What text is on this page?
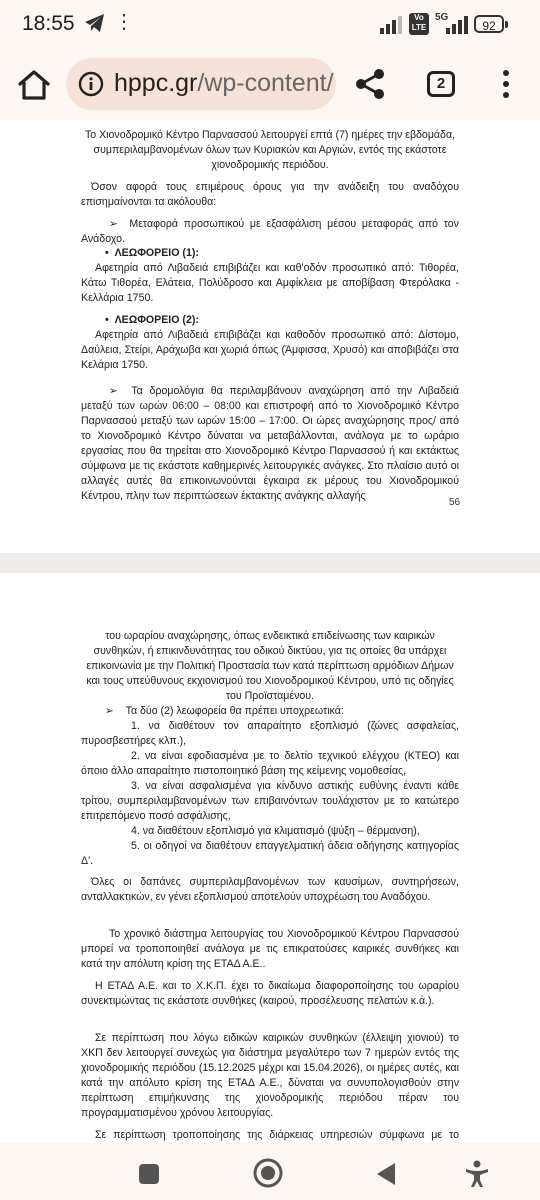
18:55 ⋮	Vo LTE
5G
92
hppc.gr/wp-content/	2

Το Χιονοδρομικό Κέντρο Παρνασσού λειτουργεί επτά (7) ημέρες την εβδομάδα, συμπεριλαμβανομένων όλων των Κυριακών και Αργιών, εντός της εκάστοτε χιονοδρομικής περιόδου.

Όσον αφορά τους επιμέρους όρους για την ανάδειξη του αναδόχου επισημαίνονται τα ακόλουθα:

➢  Μεταφορά προσωπικού με εξασφάλιση μέσου μεταφοράς από τον Ανάδοχο.

•  ΛΕΩΦΟΡΕΙΟ (1):

Αφετηρία από Λιβαδειά επιβιβάζει και καθ'οδόν προσωπικό από: Τιθορέα, Κάτω Τιθορέα, Ελάτεια, Πολύδροσο και Αμφίκλεια με αποβίβαση Φτερόλακα - Κελλάρια 1750.

•  ΛΕΩΦΟΡΕΙΟ (2):

Αφετηρία από Λιβαδειά επιβιβάζει και καθοδόν προσωπικό από: Δίστομο, Δαύλεια, Στείρι, Αράχωβα και χωριά όπως (Άμφισσα, Χρυσό) και αποβιβάζει στα Κελάρια 1750.

➢  Τα δρομολόγια θα περιλαμβάνουν αναχώρηση από την Λιβαδειά μεταξύ των ωρών 06:00 – 08:00 και επιστροφή από το Χιονοδρομικό Κέντρο Παρνασσού μεταξύ των ωρών 15:00 – 17:00. Οι ώρες αναχώρησης προς/ από το Χιονοδρομικό Κέντρο δύναται να μεταβάλλονται, ανάλογα με το ωράριο εργασίας που θα τηρείται στο Χιονοδρομικό Κέντρο Παρνασσού ή και εκτάκτως σύμφωνα με τις εκάστοτε καθημερινές λειτουργικές ανάγκες. Στο πλαίσιο αυτό οι αλλαγές αυτές θα επικοινωνούνται έγκαιρα εκ μέρους του Χιονοδρομικού Κέντρου, πλην των περιπτώσεων έκτακτης ανάγκης αλλαγής

56

του ωραρίου αναχώρησης, όπως ενδεικτικά επιδείνωσης των καιρικών συνθηκών, ή επικινδυνότητας του οδικού δικτύου, για τις οποίες θα υπάρχει επικοινωνία με την Πολιτική Προστασία των κατά περίπτωση αρμόδιων Δήμων και τους υπεύθυνους εκχιονισμού του Χιονοδρομικού Κέντρου, υπό τις οδηγίες του Προϊσταμένου.

➢    Τα δύο (2) λεωφορεία θα πρέπει υποχρεωτικά:

1. να διαθέτουν τον απαραίτητο εξοπλισμό (ζώνες ασφαλείας, πυροσβεστήρες κλπ.),

2. να είναι εφοδιασμένα με το δελτίο τεχνικού ελέγχου (ΚΤΕΟ) και όποιο άλλο απαραίτητο πιστοποιητικό βάση της κείμενης νομοθεσίας,

3. να είναι ασφαλισμένα για κίνδυνο αστικής ευθύνης έναντι κάθε τρίτου, συμπεριλαμβανομένων των επιβαινόντων τουλάχιστον με το κατώτερο επιτρεπόμενο ποσό ασφάλισης,

4. να διαθέτουν εξοπλισμό για κλιματισμό (ψύξη – θέρμανση),

5. οι οδηγοί να διαθέτουν επαγγελματική άδεια οδήγησης κατηγορίας Δ'.

Όλες οι δαπάνες συμπεριλαμβανομένων των καυσίμων, συντηρήσεων, ανταλλακτικών, εν γένει εξοπλισμού αποτελούν υποχρέωση του Αναδόχου.

Το χρονικό διάστημα λειτουργίας του Χιονοδρομικού Κέντρου Παρνασσού μπορεί να τροποποιηθεί ανάλογα με τις επικρατούσες καιρικές συνθήκες και κατά την απόλυτη κρίση της ΕΤΑΔ Α.Ε..

Η ΕΤΑΔ Α.Ε. και το Χ.Κ.Π. έχει το δικαίωμα διαφοροποίησης του ωραρίου συνεκτιμώντας τις εκάστοτε συνθήκες (καιρού, προσέλευσης πελατών κ.ά.).

Σε περίπτωση που λόγω ειδικών καιρικών συνθηκών (έλλειψη χιονιού) το ΧΚΠ δεν λειτουργεί συνεχώς για διάστημα μεγαλύτερο των 7 ημερών εντός της χιονοδρομικής περιόδου (15.12.2025 μέχρι και 15.04.2026), οι ημέρες αυτές, και κατά την απόλυτο κρίση της ΕΤΑΔ Α.Ε., δύναται να συνυπολογισθούν στην περίπτωση επιμήκυνσης της χιονοδρομικής περιόδου πέραν του προγραμματισμένου χρόνου λειτουργίας.

Σε περίπτωση τροποποίησης της διάρκειας υπηρεσιών σύμφωνα με το
